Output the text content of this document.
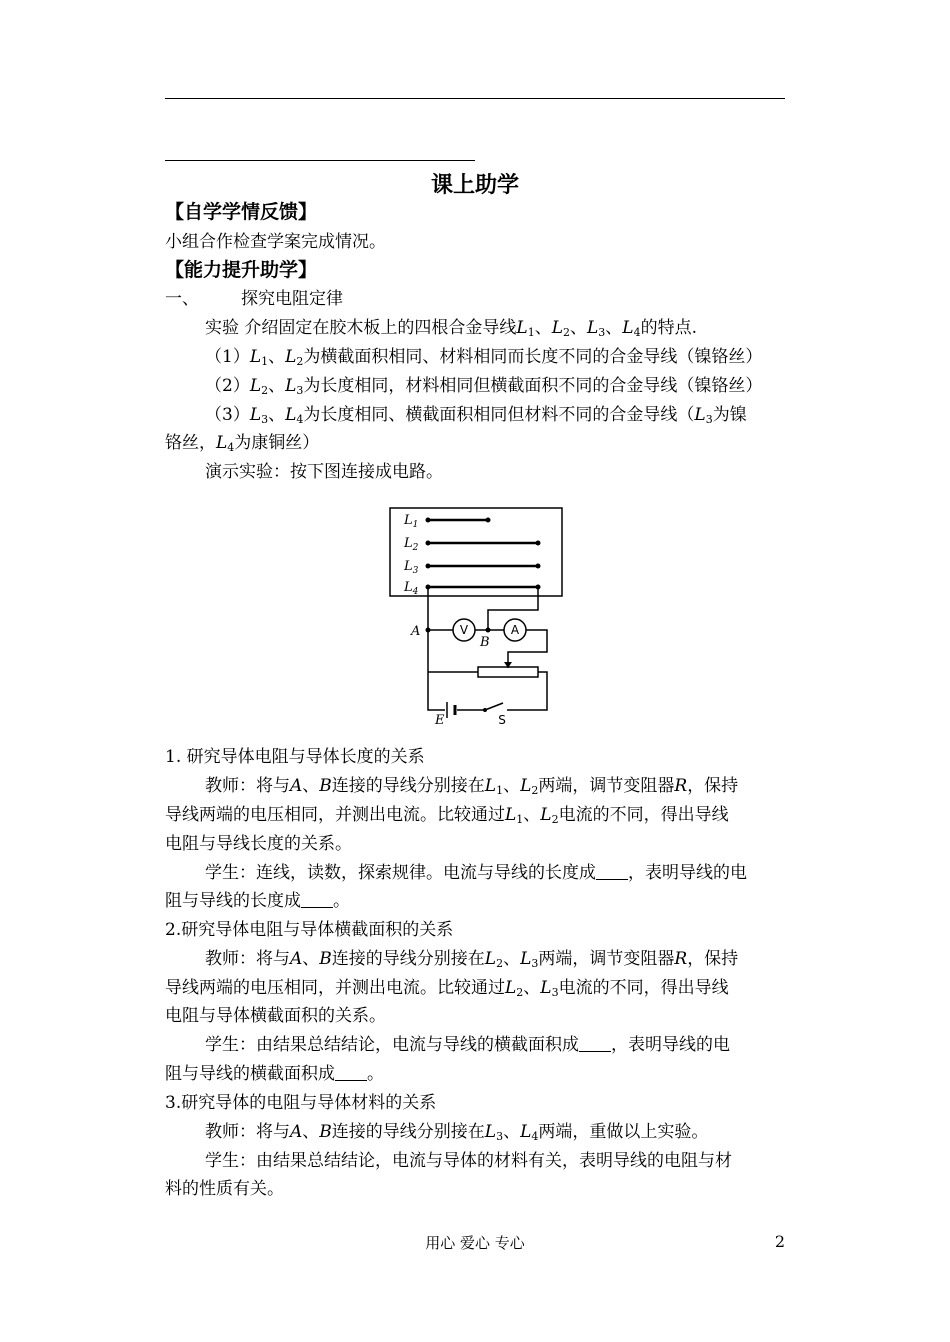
课上助学
【自学学情反馈】
小组合作检查学案完成情况。
【能力提升助学】
一、 探究电阻定律
实验 介绍固定在胶木板上的四根合金导线$L_1$、$L_2$、$L_3$、$L_4$的特点.
$(1)L_1$、$L_2$为横截面积相同、材料相同而长度不同的合金导线（镍铬丝）
$(2)L_2$、$L_3$为长度相同，材料相同但横截面积不同的合金导线（镍铬丝）
$(3)L_3$、$L_4$为长度相同、横截面积相同但材料不同的合金导线（$L_3$为镍
铬丝，$L_4$为康铜丝）
演示实验：按下图连接成电路。
$L_1$
$L_2$
$L_3$
$L_4$
A
B
E
V	A
S
1. 研究导体电阻与导体长度的关系
教师：将与A、B连接的导线分别接在$L_1$、$L_2$两端，调节变阻器R，保持
导线两端的电压相同，并测出电流。比较通过$L_1$、$L_2$电流的不同，得出导线
电阻与导线长度的关系。
学生：连线，读数，探索规律。电流与导线的长度成 ，表明导线的电
阻与导线的长度成 。
2.研究导体电阻与导体横截面积的关系
教师：将与A、B连接的导线分别接在$L_2$、$L_3$两端，调节变阻器R，保持
导线两端的电压相同，并测出电流。比较通过$L_2$、$L_3$电流的不同，得出导线
电阻与导体横截面积的关系。
学生：由结果总结结论，电流与导线的横截面积成 ，表明导线的电
阻与导线的横截面积成 。
3.研究导体的电阻与导体材料的关系
教师：将与A、B连接的导线分别接在$L_3$、$L_4$两端，重做以上实验。
学生：由结果总结结论，电流与导体的材料有关，表明导线的电阻与材
料的性质有关。
用心 爱心 专心	2
